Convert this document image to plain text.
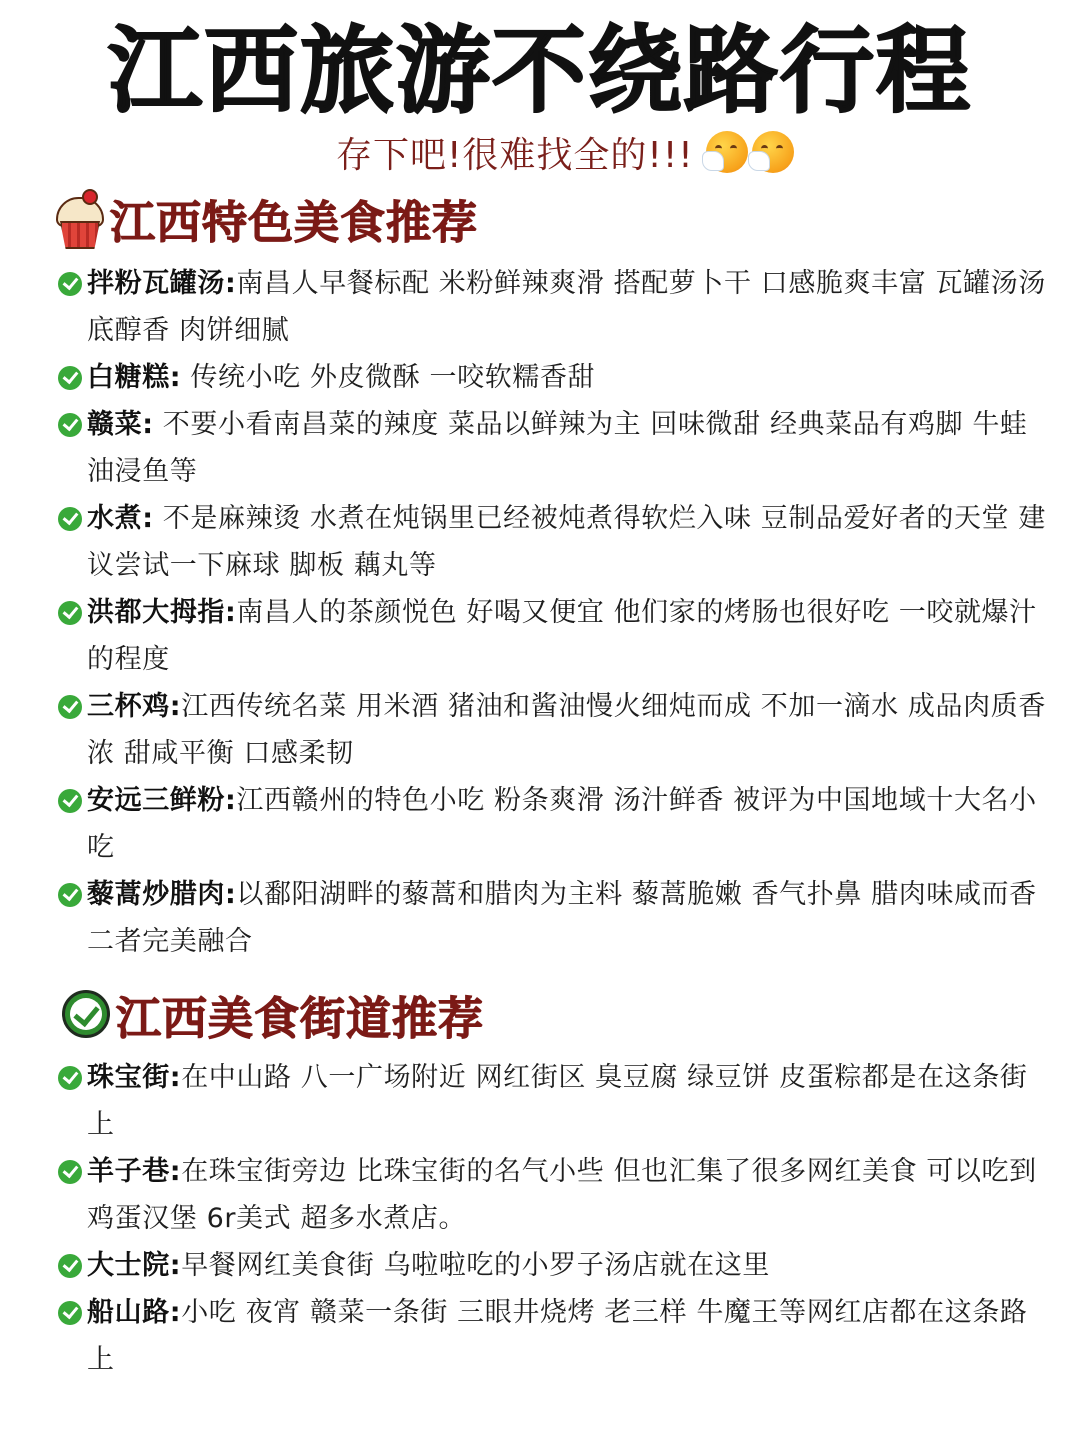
江西旅游不绕路行程
存下吧!很难找全的!!!
江西特色美食推荐
拌粉瓦罐汤:南昌人早餐标配 米粉鲜辣爽滑 搭配萝卜干 口感脆爽丰富 瓦罐汤汤底醇香 肉饼细腻
白糖糕: 传统小吃 外皮微酥 一咬软糯香甜
赣菜: 不要小看南昌菜的辣度 菜品以鲜辣为主 回味微甜 经典菜品有鸡脚 牛蛙 油浸鱼等
水煮: 不是麻辣烫 水煮在炖锅里已经被炖煮得软烂入味 豆制品爱好者的天堂 建议尝试一下麻球 脚板 藕丸等
洪都大拇指:南昌人的茶颜悦色 好喝又便宜 他们家的烤肠也很好吃 一咬就爆汁的程度
三杯鸡:江西传统名菜 用米酒 猪油和酱油慢火细炖而成 不加一滴水 成品肉质香浓 甜咸平衡 口感柔韧
安远三鲜粉:江西赣州的特色小吃 粉条爽滑 汤汁鲜香 被评为中国地域十大名小吃
藜蒿炒腊肉:以鄱阳湖畔的藜蒿和腊肉为主料 藜蒿脆嫩 香气扑鼻 腊肉味咸而香 二者完美融合
江西美食街道推荐
珠宝街:在中山路 八一广场附近 网红街区 臭豆腐 绿豆饼 皮蛋粽都是在这条街上
羊子巷:在珠宝街旁边 比珠宝街的名气小些 但也汇集了很多网红美食 可以吃到鸡蛋汉堡 6r美式 超多水煮店。
大士院:早餐网红美食街 乌啦啦吃的小罗子汤店就在这里
船山路:小吃 夜宵 赣菜一条街 三眼井烧烤 老三样 牛魔王等网红店都在这条路上
